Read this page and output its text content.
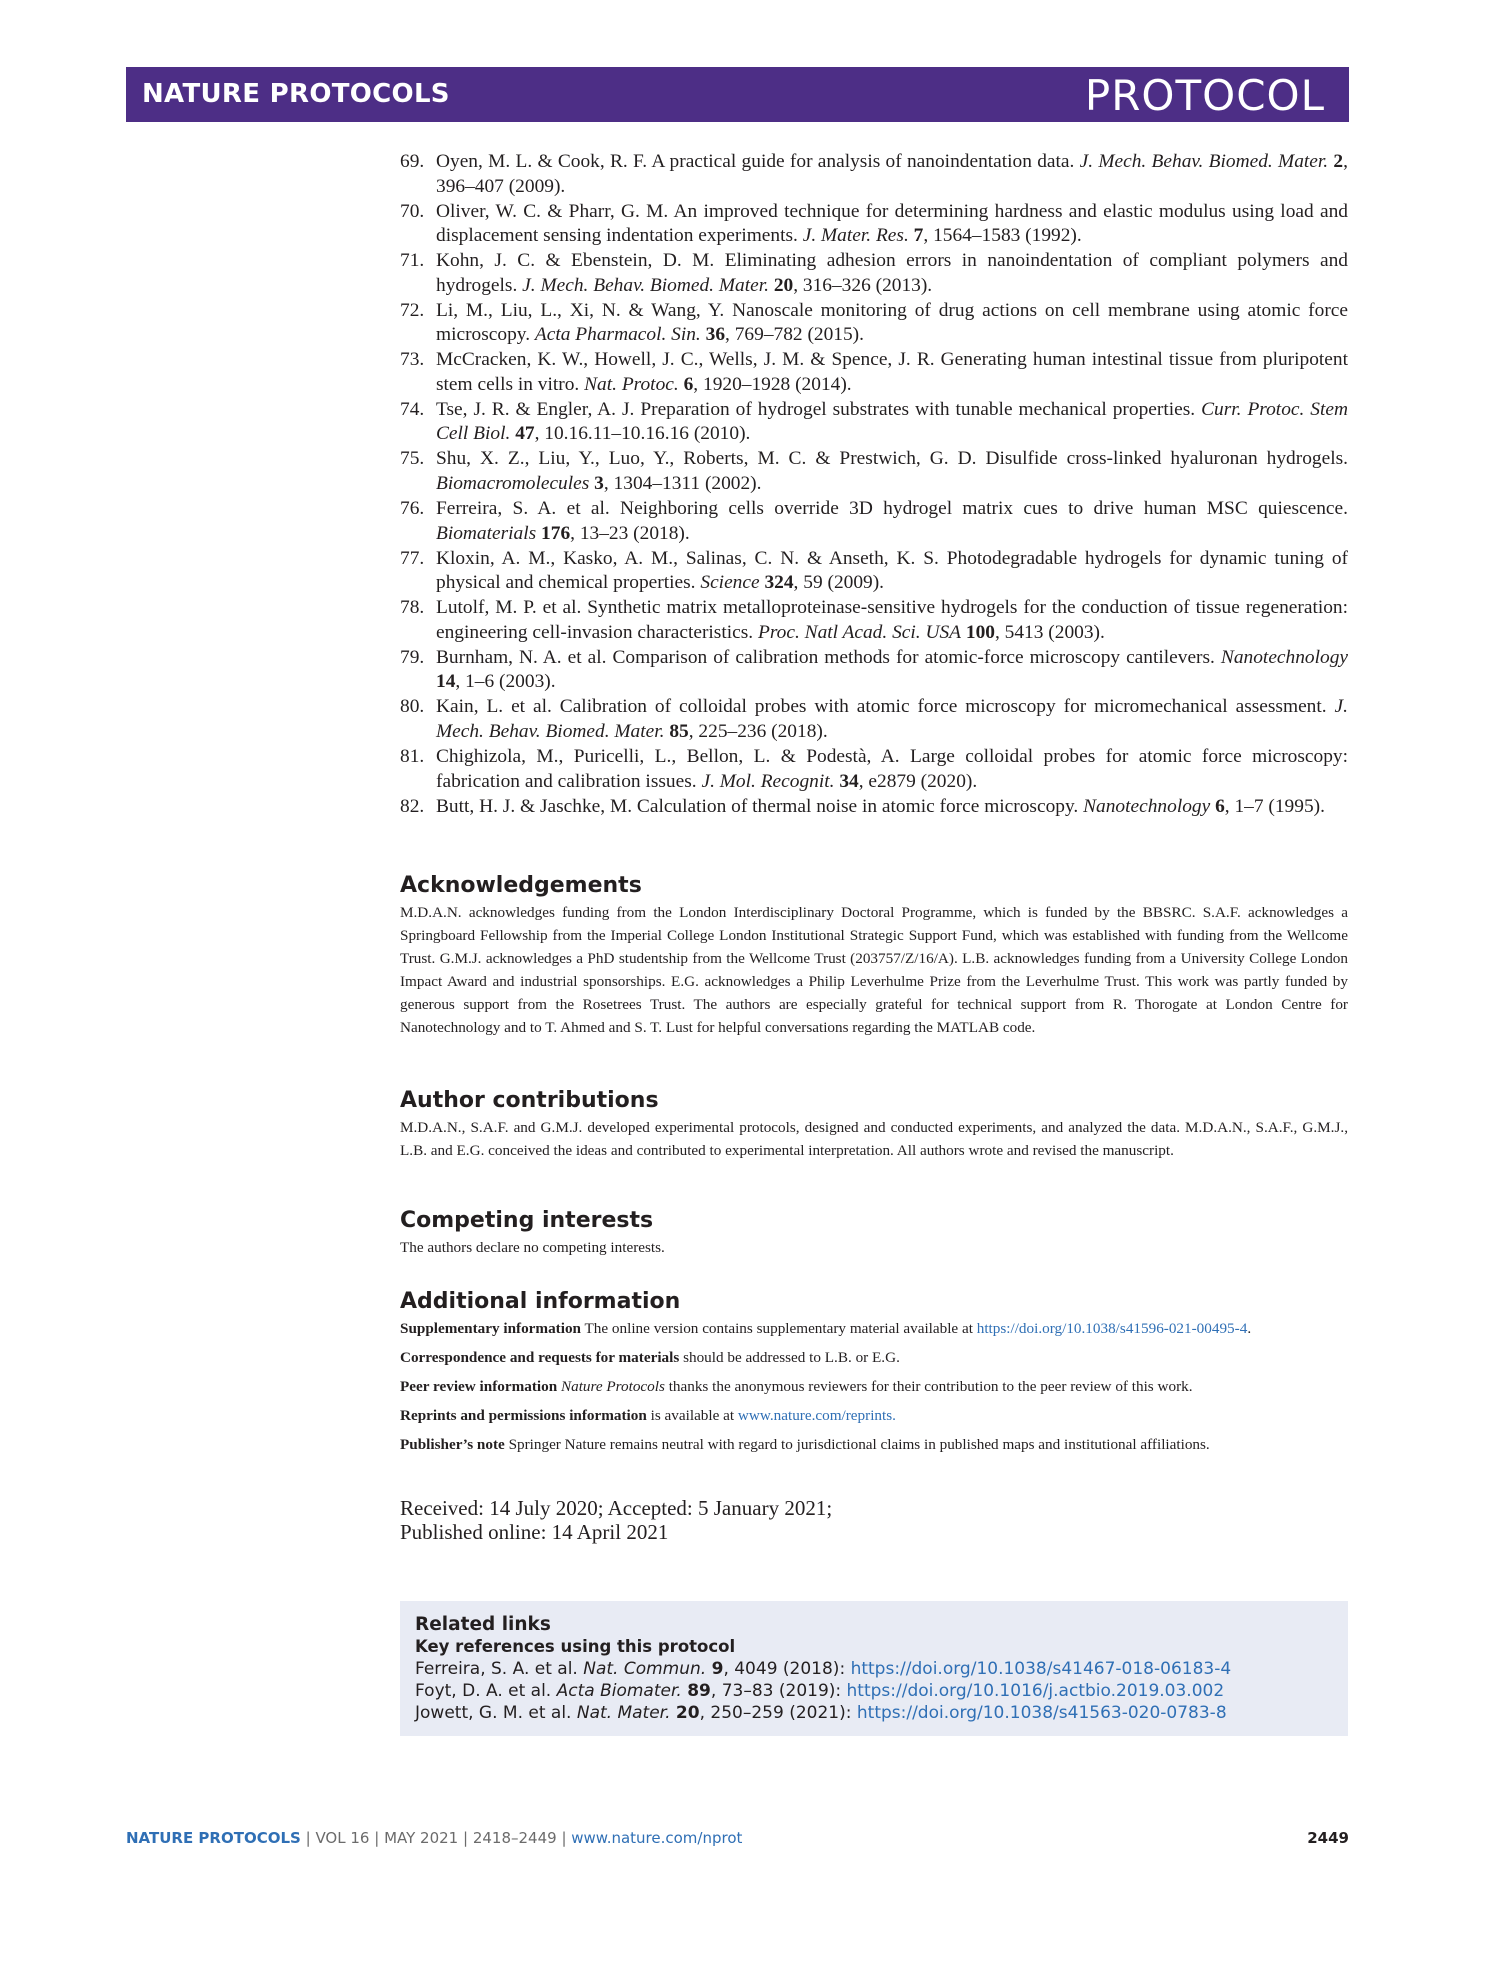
NATURE PROTOCOLS	PROTOCOL
69. Oyen, M. L. & Cook, R. F. A practical guide for analysis of nanoindentation data. J. Mech. Behav. Biomed. Mater. 2, 396–407 (2009).
70. Oliver, W. C. & Pharr, G. M. An improved technique for determining hardness and elastic modulus using load and displacement sensing indentation experiments. J. Mater. Res. 7, 1564–1583 (1992).
71. Kohn, J. C. & Ebenstein, D. M. Eliminating adhesion errors in nanoindentation of compliant polymers and hydrogels. J. Mech. Behav. Biomed. Mater. 20, 316–326 (2013).
72. Li, M., Liu, L., Xi, N. & Wang, Y. Nanoscale monitoring of drug actions on cell membrane using atomic force microscopy. Acta Pharmacol. Sin. 36, 769–782 (2015).
73. McCracken, K. W., Howell, J. C., Wells, J. M. & Spence, J. R. Generating human intestinal tissue from pluripotent stem cells in vitro. Nat. Protoc. 6, 1920–1928 (2014).
74. Tse, J. R. & Engler, A. J. Preparation of hydrogel substrates with tunable mechanical properties. Curr. Protoc. Stem Cell Biol. 47, 10.16.11–10.16.16 (2010).
75. Shu, X. Z., Liu, Y., Luo, Y., Roberts, M. C. & Prestwich, G. D. Disulfide cross-linked hyaluronan hydrogels. Biomacromolecules 3, 1304–1311 (2002).
76. Ferreira, S. A. et al. Neighboring cells override 3D hydrogel matrix cues to drive human MSC quiescence. Biomaterials 176, 13–23 (2018).
77. Kloxin, A. M., Kasko, A. M., Salinas, C. N. & Anseth, K. S. Photodegradable hydrogels for dynamic tuning of physical and chemical properties. Science 324, 59 (2009).
78. Lutolf, M. P. et al. Synthetic matrix metalloproteinase-sensitive hydrogels for the conduction of tissue regeneration: engineering cell-invasion characteristics. Proc. Natl Acad. Sci. USA 100, 5413 (2003).
79. Burnham, N. A. et al. Comparison of calibration methods for atomic-force microscopy cantilevers. Nanotechnology 14, 1–6 (2003).
80. Kain, L. et al. Calibration of colloidal probes with atomic force microscopy for micromechanical assessment. J. Mech. Behav. Biomed. Mater. 85, 225–236 (2018).
81. Chighizola, M., Puricelli, L., Bellon, L. & Podestà, A. Large colloidal probes for atomic force microscopy: fabrication and calibration issues. J. Mol. Recognit. 34, e2879 (2020).
82. Butt, H. J. & Jaschke, M. Calculation of thermal noise in atomic force microscopy. Nanotechnology 6, 1–7 (1995).
Acknowledgements
M.D.A.N. acknowledges funding from the London Interdisciplinary Doctoral Programme, which is funded by the BBSRC. S.A.F. acknowledges a Springboard Fellowship from the Imperial College London Institutional Strategic Support Fund, which was established with funding from the Wellcome Trust. G.M.J. acknowledges a PhD studentship from the Wellcome Trust (203757/Z/16/A). L.B. acknowledges funding from a University College London Impact Award and industrial sponsorships. E.G. acknowledges a Philip Leverhulme Prize from the Leverhulme Trust. This work was partly funded by generous support from the Rosetrees Trust. The authors are especially grateful for technical support from R. Thorogate at London Centre for Nanotechnology and to T. Ahmed and S. T. Lust for helpful conversations regarding the MATLAB code.
Author contributions
M.D.A.N., S.A.F. and G.M.J. developed experimental protocols, designed and conducted experiments, and analyzed the data. M.D.A.N., S.A.F., G.M.J., L.B. and E.G. conceived the ideas and contributed to experimental interpretation. All authors wrote and revised the manuscript.
Competing interests
The authors declare no competing interests.
Additional information
Supplementary information The online version contains supplementary material available at https://doi.org/10.1038/s41596-021-00495-4.
Correspondence and requests for materials should be addressed to L.B. or E.G.
Peer review information Nature Protocols thanks the anonymous reviewers for their contribution to the peer review of this work.
Reprints and permissions information is available at www.nature.com/reprints.
Publisher’s note Springer Nature remains neutral with regard to jurisdictional claims in published maps and institutional affiliations.
Received: 14 July 2020; Accepted: 5 January 2021;
Published online: 14 April 2021
Related links
Key references using this protocol
Ferreira, S. A. et al. Nat. Commun. 9, 4049 (2018): https://doi.org/10.1038/s41467-018-06183-4
Foyt, D. A. et al. Acta Biomater. 89, 73–83 (2019): https://doi.org/10.1016/j.actbio.2019.03.002
Jowett, G. M. et al. Nat. Mater. 20, 250–259 (2021): https://doi.org/10.1038/s41563-020-0783-8
NATURE PROTOCOLS | VOL 16 | MAY 2021 | 2418–2449 | www.nature.com/nprot	2449
